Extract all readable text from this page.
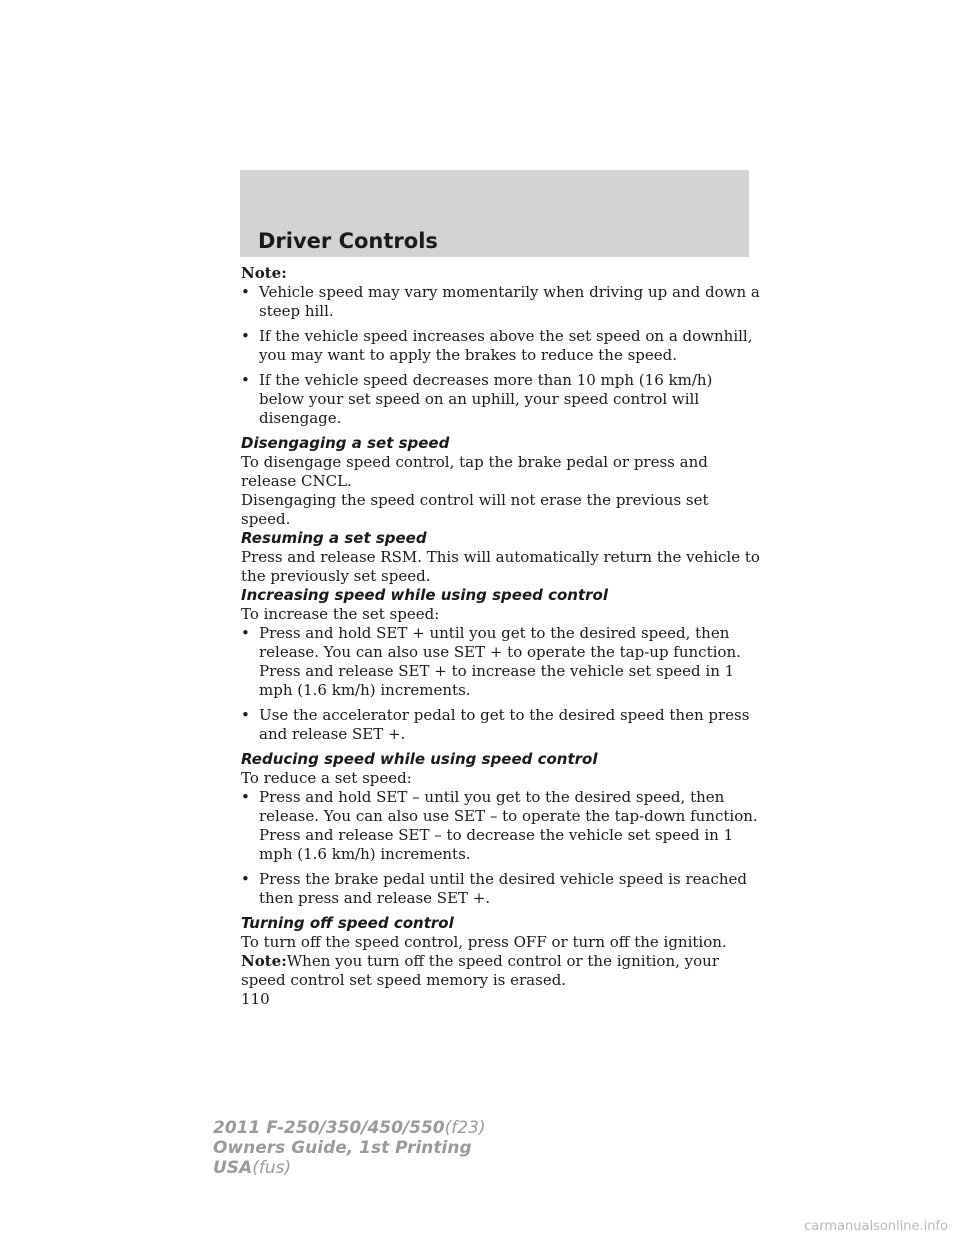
Driver Controls

Note:

• Vehicle speed may vary momentarily when driving up and down a steep hill.
• If the vehicle speed increases above the set speed on a downhill, you may want to apply the brakes to reduce the speed.
• If the vehicle speed decreases more than 10 mph (16 km/h) below your set speed on an uphill, your speed control will disengage.

Disengaging a set speed

To disengage speed control, tap the brake pedal or press and release CNCL.

Disengaging the speed control will not erase the previous set speed.

Resuming a set speed

Press and release RSM. This will automatically return the vehicle to the previously set speed.

Increasing speed while using speed control

To increase the set speed:

• Press and hold SET + until you get to the desired speed, then release. You can also use SET + to operate the tap-up function. Press and release SET + to increase the vehicle set speed in 1 mph (1.6 km/h) increments.
• Use the accelerator pedal to get to the desired speed then press and release SET +.

Reducing speed while using speed control

To reduce a set speed:

• Press and hold SET – until you get to the desired speed, then release. You can also use SET – to operate the tap-down function. Press and release SET – to decrease the vehicle set speed in 1 mph (1.6 km/h) increments.
• Press the brake pedal until the desired vehicle speed is reached then press and release SET +.

Turning off speed control

To turn off the speed control, press OFF or turn off the ignition.

Note:When you turn off the speed control or the ignition, your speed control set speed memory is erased.

110

2011 F-250/350/450/550(f23)
Owners Guide, 1st Printing
USA(fus)
carmanualsonline.info
